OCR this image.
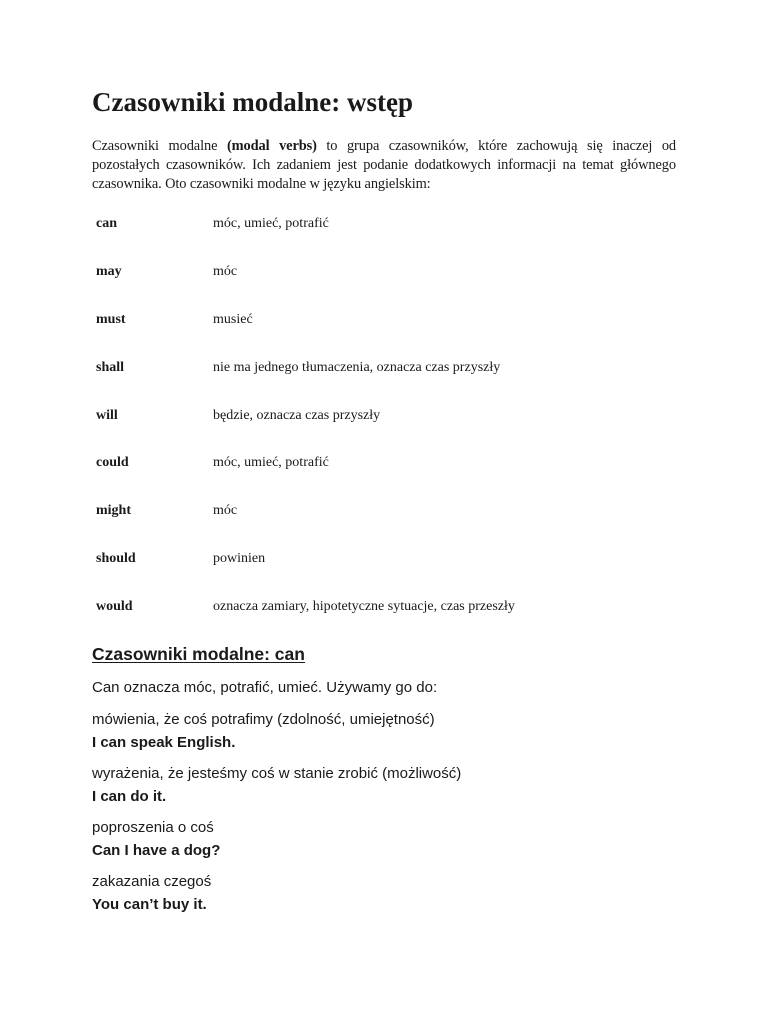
Czasowniki modalne: wstęp

Czasowniki modalne (modal verbs) to grupa czasowników, które zachowują się inaczej od pozostałych czasowników. Ich zadaniem jest podanie dodatkowych informacji na temat głównego czasownika. Oto czasowniki modalne w języku angielskim:

can	móc, umieć, potrafić
may	móc
must	musieć
shall	nie ma jednego tłumaczenia, oznacza czas przyszły
will	będzie, oznacza czas przyszły
could	móc, umieć, potrafić
might	móc
should	powinien
would	oznacza zamiary, hipotetyczne sytuacje, czas przeszły
Czasowniki modalne: can

Can oznacza móc, potrafić, umieć. Używamy go do:

mówienia, że coś potrafimy (zdolność, umiejętność)
I can speak English.
wyrażenia, że jesteśmy coś w stanie zrobić (możliwość)
I can do it.
poproszenia o coś
Can I have a dog?
zakazania czegoś
You can’t buy it.
